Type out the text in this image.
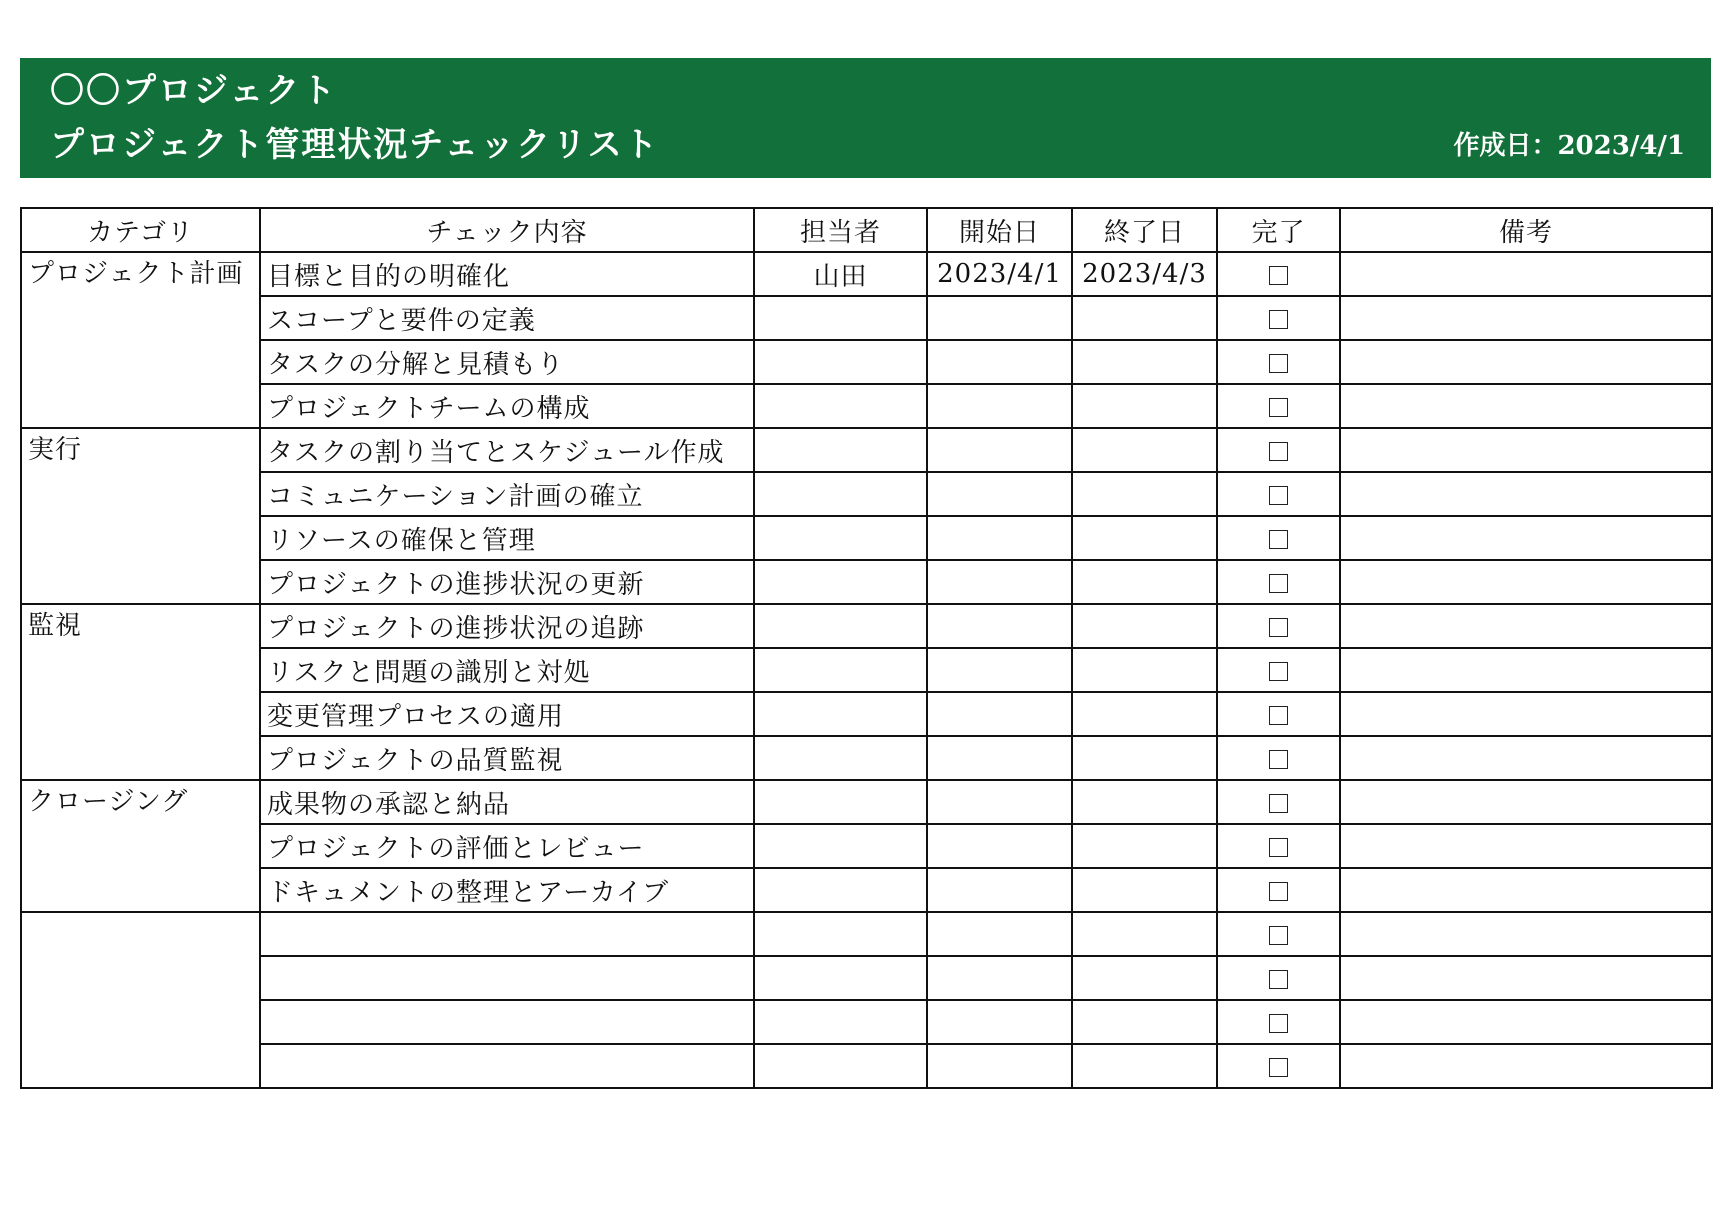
〇〇プロジェクト
プロジェクト管理状況チェックリスト	作成日： 2023/4/1
カテゴリ	チェック内容	担当者	開始日	終了日	完了	備考
プロジェクト計画	目標と目的の明確化	山田	2023/4/1	2023/4/3		
	スコープと要件の定義					
	タスクの分解と見積もり					
	プロジェクトチームの構成					
実行	タスクの割り当てとスケジュール作成					
	コミュニケーション計画の確立					
	リソースの確保と管理					
	プロジェクトの進捗状況の更新					
監視	プロジェクトの進捗状況の追跡					
	リスクと問題の識別と対処					
	変更管理プロセスの適用					
	プロジェクトの品質監視					
クロージング	成果物の承認と納品					
	プロジェクトの評価とレビュー					
	ドキュメントの整理とアーカイブ					
